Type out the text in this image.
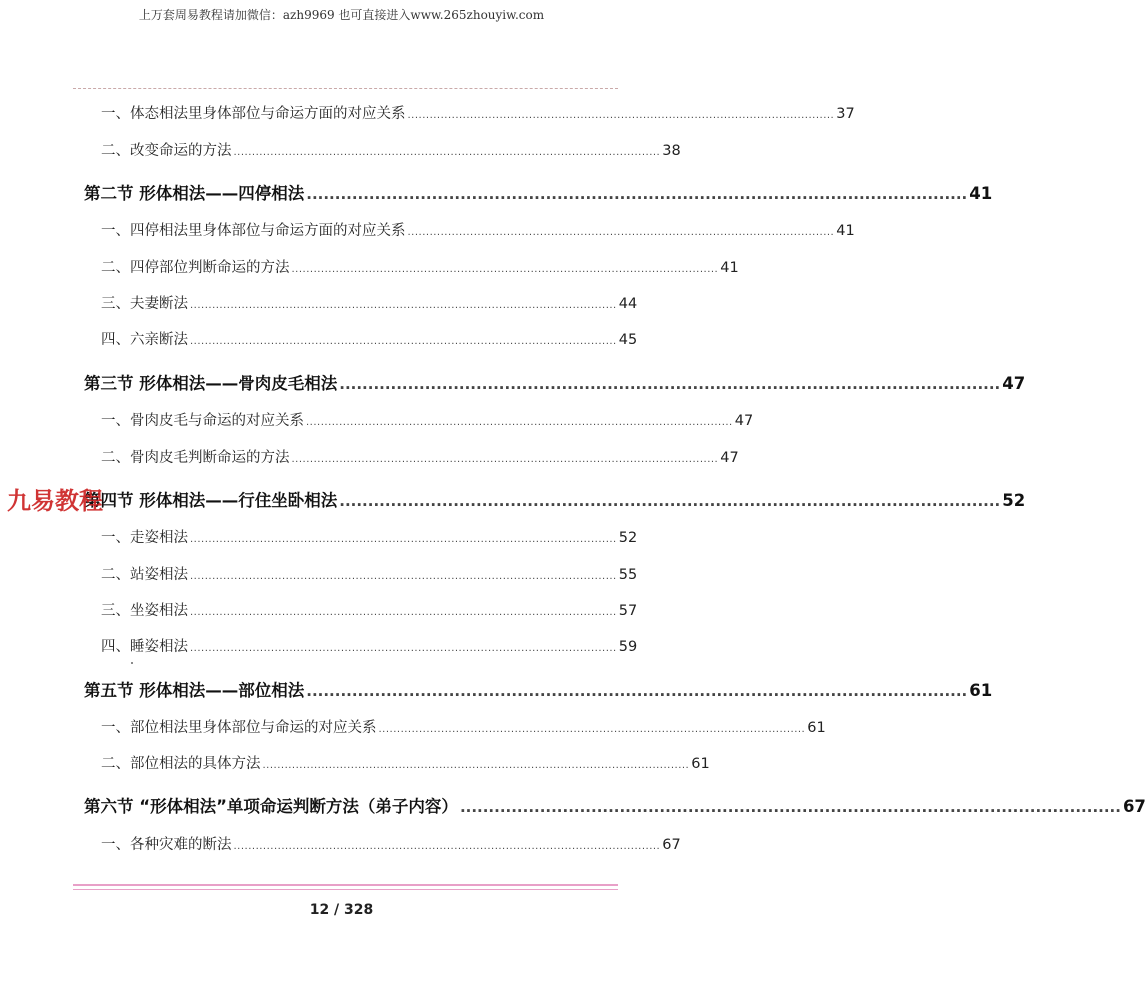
上万套周易教程请加微信：azh9969 也可直接进入www.265zhouyiw.com
一、体态相法里身体部位与命运方面的对应关系 .................................................................................................................... 37
二、改变命运的方法 .................................................................................................................... 38
第二节 形体相法——四停相法 .................................................................................................................... 41
一、四停相法里身体部位与命运方面的对应关系 .................................................................................................................... 41
二、四停部位判断命运的方法 .................................................................................................................... 41
三、夫妻断法 .................................................................................................................... 44
四、六亲断法 .................................................................................................................... 45
第三节 形体相法——骨肉皮毛相法 .................................................................................................................... 47
一、骨肉皮毛与命运的对应关系 .................................................................................................................... 47
二、骨肉皮毛判断命运的方法 .................................................................................................................... 47
第四节 形体相法——行住坐卧相法 .................................................................................................................... 52
一、走姿相法 .................................................................................................................... 52
二、站姿相法 .................................................................................................................... 55
三、坐姿相法 .................................................................................................................... 57
四、睡姿相法 .................................................................................................................... 59
第五节 形体相法——部位相法 .................................................................................................................... 61
一、部位相法里身体部位与命运的对应关系 .................................................................................................................... 61
二、部位相法的具体方法 .................................................................................................................... 61
第六节 “形体相法”单项命运判断方法（弟子内容） .................................................................................................................... 67
一、各种灾难的断法 .................................................................................................................... 67
九易教程
12 / 328
